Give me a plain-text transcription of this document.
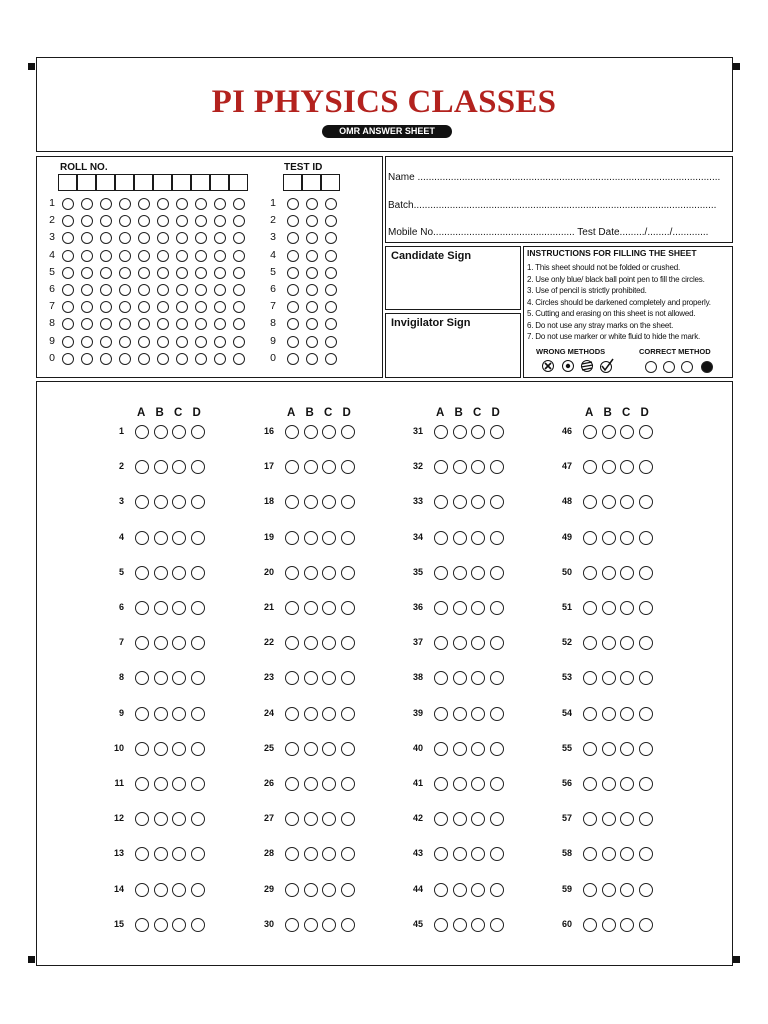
PI PHYSICS CLASSES
OMR ANSWER SHEET
ROLL NO.	TEST ID
1
2
3
4
5
6
7
8
9
0
1
2
3
4
5
6
7
8
9
0
Name .............................................................................................................
Batch.............................................................................................................
Mobile No................................................... Test Date........./......../.............
Candidate Sign
Invigilator Sign
INSTRUCTIONS FOR FILLING THE SHEET
1. This sheet should not be folded or crushed.
2. Use only blue/ black ball point pen to fill the circles.
3. Use of pencil is strictly prohibited.
4. Circles should be darkened completely and properly.
5. Cutting and erasing on this sheet is not allowed.
6. Do not use any stray marks on the sheet.
7. Do not use marker or white fluid to hide the mark.
WRONG METHODS	CORRECT METHOD
A B C D
1
2
3
4
5
6
7
8
9
10
11
12
13
14
15
A B C D
16
17
18
19
20
21
22
23
24
25
26
27
28
29
30
A B C D
31
32
33
34
35
36
37
38
39
40
41
42
43
44
45
A B C D
46
47
48
49
50
51
52
53
54
55
56
57
58
59
60
